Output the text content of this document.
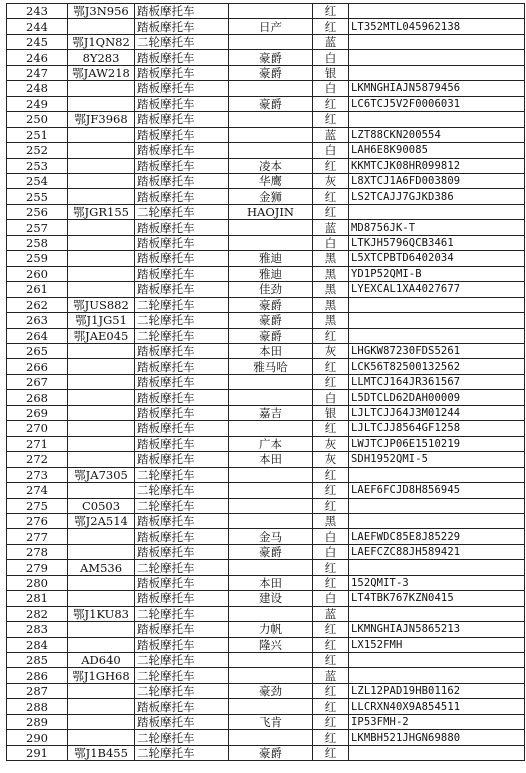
243	鄂J3N956	踏板摩托车		红	
244		踏板摩托车	日产	红	LT352MTL045962138
245	鄂J1QN82	二轮摩托车		蓝	
246	8Y283	踏板摩托车	豪爵	白	
247	鄂JAW218	踏板摩托车	豪爵	银	
248		踏板摩托车		白	LKMNGHIAJN5879456
249		踏板摩托车	豪爵	红	LC6TCJ5V2F0006031
250	鄂JF3968	踏板摩托车		红	
251		踏板摩托车		蓝	LZT88CKN200554
252		踏板摩托车		白	LAH6E8K90085
253		踏板摩托车	凌本	红	KKMTCJK08HR099812
254		踏板摩托车	华鹰	灰	L8XTCJ1A6FD003809
255		踏板摩托车	金狮	红	LS2TCAJJ7GJKD386
256	鄂JGR155	二轮摩托车	HAOJIN	红	
257		踏板摩托车		蓝	MD8756JK-T
258		踏板摩托车		白	LTKJH5796QCB3461
259		踏板摩托车	雅迪	黑	L5XTCPBTD6402034
260		踏板摩托车	雅迪	黑	YD1P52QMI-B
261		踏板摩托车	佳劲	黑	LYEXCAL1XA4027677
262	鄂JUS882	二轮摩托车	豪爵	黑	
263	鄂J1JG51	二轮摩托车	豪爵	黑	
264	鄂JAE045	二轮摩托车	豪爵	红	
265		踏板摩托车	本田	灰	LHGKW87230FDS5261
266		踏板摩托车	雅马哈	红	LCK56T82500132562
267		踏板摩托车		红	LLMTCJ164JR361567
268		踏板摩托车		白	L5DTCLD62DAH00009
269		踏板摩托车	嘉吉	银	LJLTCJJ64J3M01244
270		踏板摩托车		红	LJLTCJJ8564GF1258
271		踏板摩托车	广本	灰	LWJTCJP06E1510219
272		踏板摩托车	本田	灰	SDH1952QMI-5
273	鄂JA7305	二轮摩托车		红	
274		二轮摩托车		红	LAEF6FCJD8H856945
275	C0503	二轮摩托车		红	
276	鄂J2A514	踏板摩托车		黑	
277		踏板摩托车	金马	白	LAEFWDC85E8J85229
278		踏板摩托车	豪爵	白	LAEFCZC88JH589421
279	AM536	二轮摩托车		红	
280		踏板摩托车	本田	红	152QMIT-3
281		踏板摩托车	建设	白	LT4TBK767KZN0415
282	鄂J1KU83	二轮摩托车		蓝	
283		踏板摩托车	力帆	红	LKMNGHIAJN5865213
284		踏板摩托车	隆兴	红	LX152FMH
285	AD640	二轮摩托车		红	
286	鄂J1GH68	二轮摩托车		蓝	
287		二轮摩托车	豪劲	红	LZL12PAD19HB01162
288		踏板摩托车		红	LLCRXN40X9A854511
289		踏板摩托车	飞肯	红	IP53FMH-2
290		二轮摩托车		红	LKMBH521JHGN69880
291	鄂J1B455	二轮摩托车	豪爵	红	
